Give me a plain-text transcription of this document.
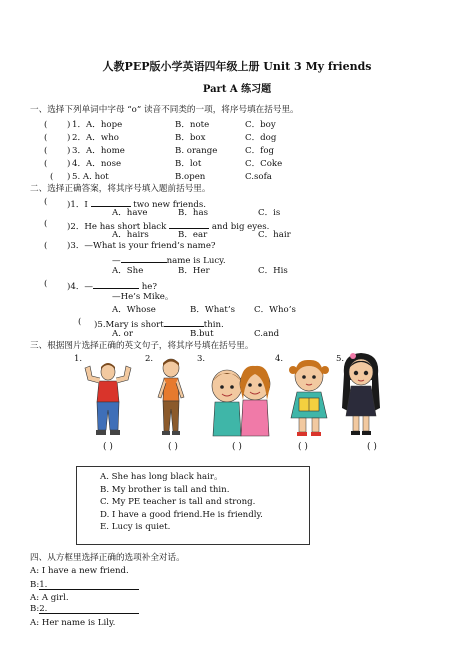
人教PEP版小学英语四年级上册 Unit 3 My friends
Part A 练习题
一、选择下列单词中字母 “o” 读音不同类的一项，将序号填在括号里。
( ) 1．A．hope	B．note	C．boy
( ) 2．A．who	B．box	C．dog
( ) 3．A．home	B. orange	C．fog
( ) 4．A．nose	B．lot	C．Coke
( ) 5. A. hot	B.open	C.sofa
二、选择正确答案，将其序号填入题前括号里。
( )1．I	two new friends.
A．have	B．has	C．is
( )2．He has short black	and big eyes.
A．hairs	B．ear	C．hair
( )3．—What is your friend’s name?
—	name is Lucy.
A．She	B．Her	C．His
( )4．—	he?
—He’s Mike。
A．Whose	B．What’s C．Who’s
( )5.Mary is short	thin.
A. or	B.but	C.and
三、根据图片选择正确的英文句子，将其序号填在括号里。
1.	2.	3.	4.	5.
( )	( )	( )	( )	( )
A. She has long black hair。
B. My brother is tall and thin.
C. My PE teacher is tall and strong.
D. I have a good friend.He is friendly.
E. Lucy is quiet.
四、从方框里选择正确的选项补全对话。
A: I have a new friend.
B:1.
A: A girl.
B:2.
A: Her name is Lily.
